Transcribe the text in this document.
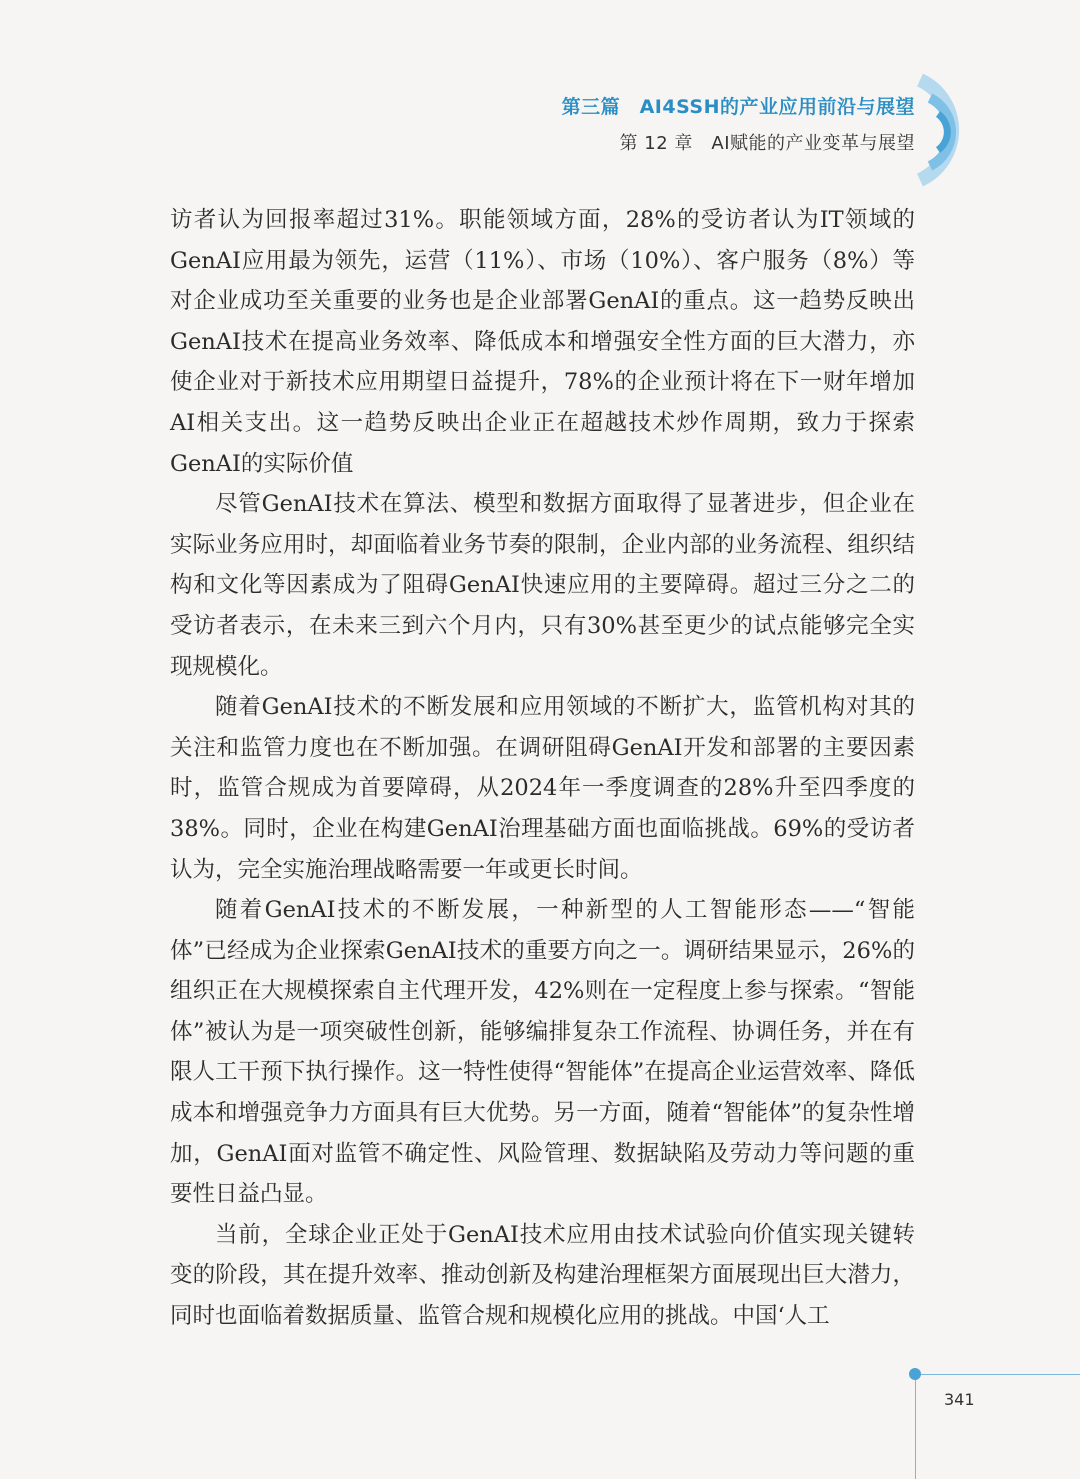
第三篇　AI4SSH的产业应用前沿与展望
第 12 章　AI赋能的产业变革与展望

访者认为回报率超过31%。职能领域方面，28%的受访者认为IT领域的GenAI应用最为领先，运营（11%）、市场（10%）、客户服务（8%）等对企业成功至关重要的业务也是企业部署GenAI的重点。这一趋势反映出GenAI技术在提高业务效率、降低成本和增强安全性方面的巨大潜力，亦使企业对于新技术应用期望日益提升，78%的企业预计将在下一财年增加AI相关支出。这一趋势反映出企业正在超越技术炒作周期，致力于探索GenAI的实际价值

尽管GenAI技术在算法、模型和数据方面取得了显著进步，但企业在实际业务应用时，却面临着业务节奏的限制，企业内部的业务流程、组织结构和文化等因素成为了阻碍GenAI快速应用的主要障碍。超过三分之二的受访者表示，在未来三到六个月内，只有30%甚至更少的试点能够完全实现规模化。

随着GenAI技术的不断发展和应用领域的不断扩大，监管机构对其的关注和监管力度也在不断加强。在调研阻碍GenAI开发和部署的主要因素时，监管合规成为首要障碍，从2024年一季度调查的28%升至四季度的38%。同时，企业在构建GenAI治理基础方面也面临挑战。69%的受访者认为，完全实施治理战略需要一年或更长时间。

随着GenAI技术的不断发展，一种新型的人工智能形态——“智能体”已经成为企业探索GenAI技术的重要方向之一。调研结果显示，26%的组织正在大规模探索自主代理开发，42%则在一定程度上参与探索。“智能体”被认为是一项突破性创新，能够编排复杂工作流程、协调任务，并在有限人工干预下执行操作。这一特性使得“智能体”在提高企业运营效率、降低成本和增强竞争力方面具有巨大优势。另一方面，随着“智能体”的复杂性增加，GenAI面对监管不确定性、风险管理、数据缺陷及劳动力等问题的重要性日益凸显。

当前，全球企业正处于GenAI技术应用由技术试验向价值实现关键转变的阶段，其在提升效率、推动创新及构建治理框架方面展现出巨大潜力，同时也面临着数据质量、监管合规和规模化应用的挑战。中国‘人工

341
